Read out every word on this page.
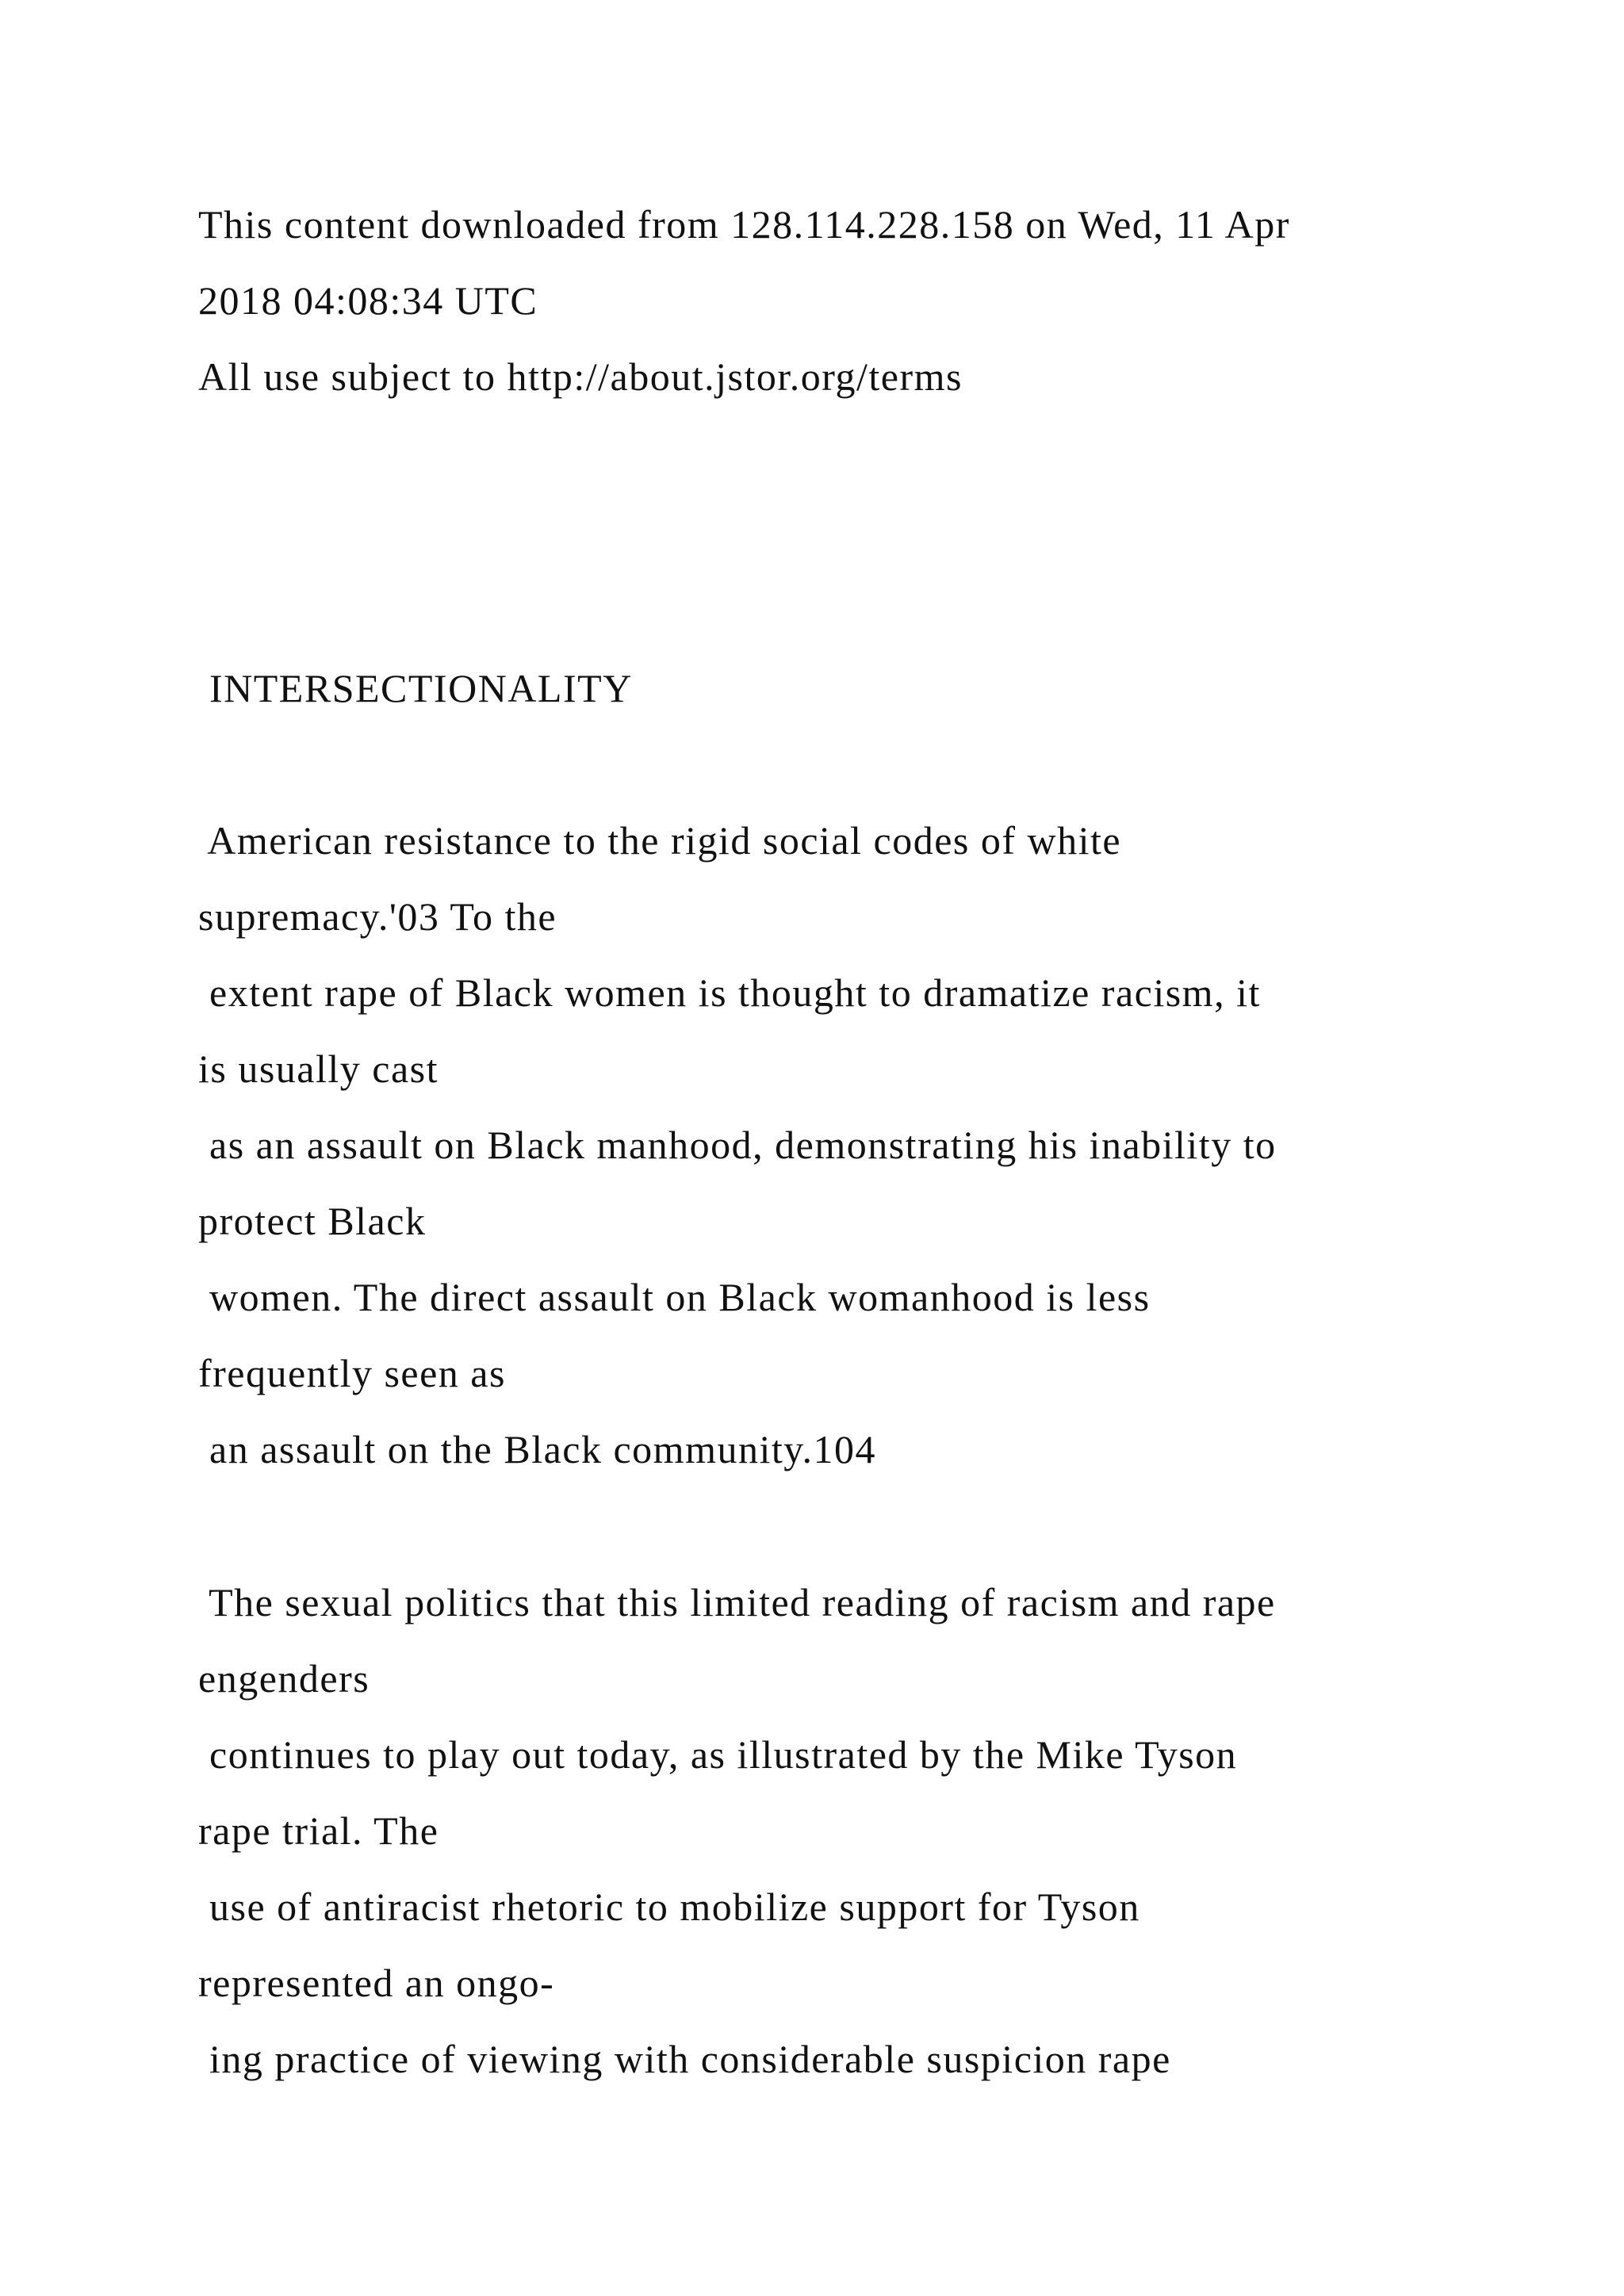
This content downloaded from 128.114.228.158 on Wed, 11 Apr

2018 04:08:34 UTC

All use subject to http://about.jstor.org/terms

INTERSECTIONALITY

American resistance to the rigid social codes of white

supremacy.'03 To the

extent rape of Black women is thought to dramatize racism, it

is usually cast

as an assault on Black manhood, demonstrating his inability to

protect Black

women. The direct assault on Black womanhood is less

frequently seen as

an assault on the Black community.104

The sexual politics that this limited reading of racism and rape

engenders

continues to play out today, as illustrated by the Mike Tyson

rape trial. The

use of antiracist rhetoric to mobilize support for Tyson

represented an ongo-

ing practice of viewing with considerable suspicion rape
